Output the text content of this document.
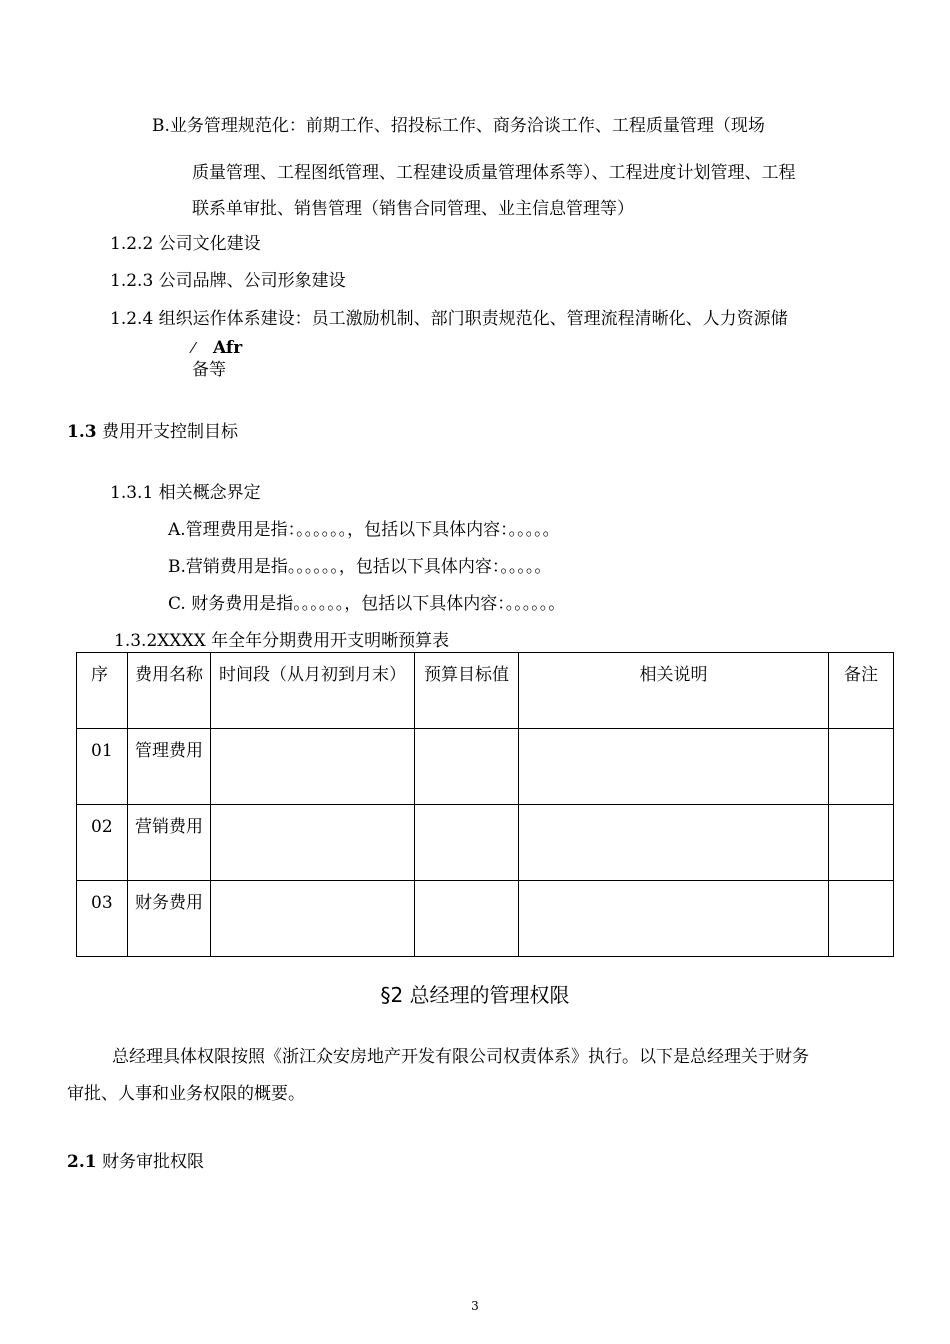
B.业务管理规范化：前期工作、招投标工作、商务洽谈工作、工程质量管理（现场
质量管理、工程图纸管理、工程建设质量管理体系等）、工程进度计划管理、工程
联系单审批、销售管理（销售合同管理、业主信息管理等）
1.2.2 公司文化建设
1.2.3 公司品牌、公司形象建设
1.2.4 组织运作体系建设：员工激励机制、部门职责规范化、管理流程清晰化、人力资源储
⁄ Afr
备等
1.3 费用开支控制目标
1.3.1 相关概念界定
A.管理费用是指：。。。。。。，包括以下具体内容：。。。。。
B.营销费用是指。。。。。。，包括以下具体内容：。。。。。
C. 财务费用是指。。。。。。，包括以下具体内容：。。。。。。
1.3.2XXXX 年全年分期费用开支明晰预算表
序	费用名称	时间段（从月初到月末）	预算目标值	相关说明	备注
01	管理费用				
02	营销费用				
03	财务费用				
§2 总经理的管理权限
总经理具体权限按照《浙江众安房地产开发有限公司权责体系》执行。以下是总经理关于财务
审批、人事和业务权限的概要。
2.1 财务审批权限
3
